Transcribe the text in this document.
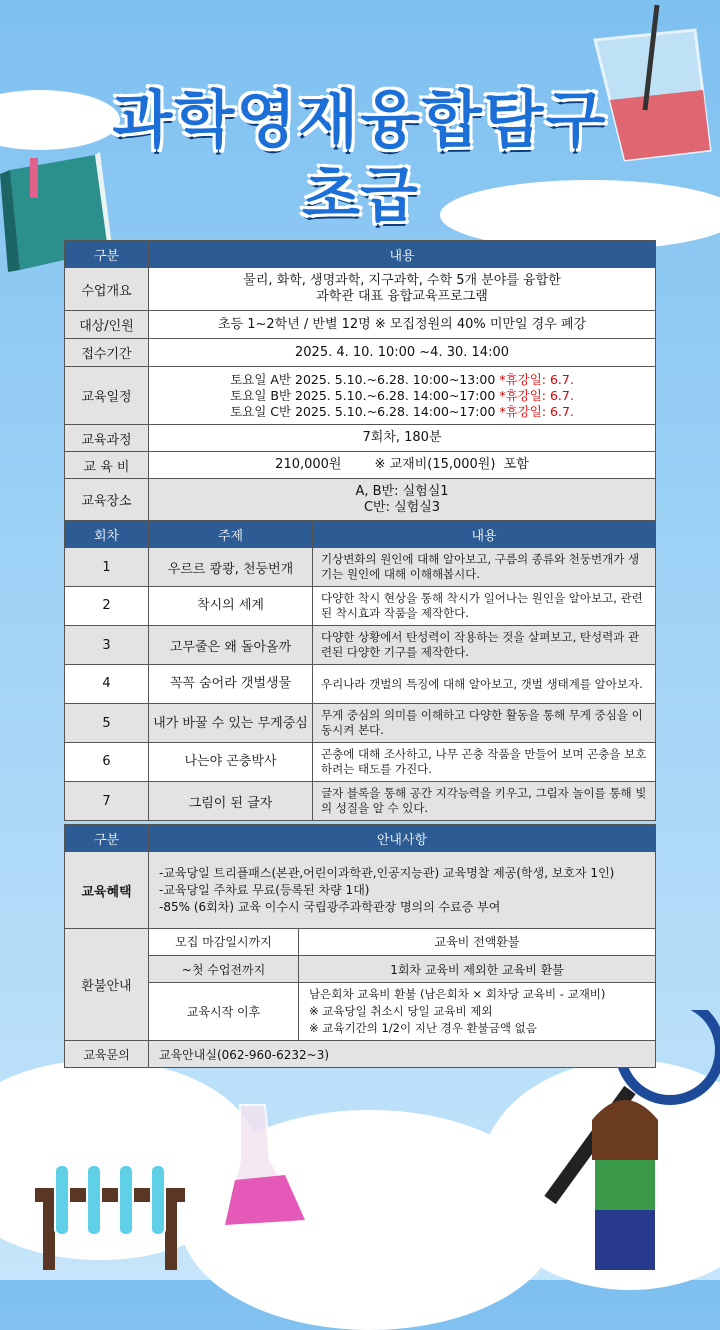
과학영재융합탐구
초급
구분	내용
수업개요	물리, 화학, 생명과학, 지구과학, 수학 5개 분야를 융합한
과학관 대표 융합교육프로그램

대상/인원	초등 1~2학년 / 반별 12명 ※ 모집정원의 40% 미만일 경우 폐강
접수기간	2025. 4. 10. 10:00 ~4. 30. 14:00
교육일정	토요일 A반 2025. 5.10.~6.28. 10:00~13:00 *휴강일: 6.7.
토요일 B반 2025. 5.10.~6.28. 14:00~17:00 *휴강일: 6.7.
토요일 C반 2025. 5.10.~6.28. 14:00~17:00 *휴강일: 6.7.

교육과정	7회차, 180분
교 육 비	210,000원        ※ 교재비(15,000원)  포함
교육장소	A, B반: 실험실1
C반: 실험실3
회차	주제	내용
1	우르르 쾅쾅, 천둥번개	기상변화의 원인에 대해 알아보고, 구름의 종류와 천둥번개가 생기는 원인에 대해 이해해봅시다.
2	착시의 세계	다양한 착시 현상을 통해 착시가 일어나는 원인을 알아보고, 관련된 착시효과 작품을 제작한다.
3	고무줄은 왜 돌아올까	다양한 상황에서 탄성력이 작용하는 것을 살펴보고, 탄성력과 관련된 다양한 기구를 제작한다.
4	꼭꼭 숨어라 갯벌생물	우리나라 갯벌의 특징에 대해 알아보고, 갯벌 생태계를 알아보자.
5	내가 바꿀 수 있는 무게중심	무게 중심의 의미를 이해하고 다양한 활동을 통해 무게 중심을 이동시켜 본다.
6	나는야 곤충박사	곤충에 대해 조사하고, 나무 곤충 작품을 만들어 보며 곤충을 보호하려는 태도를 가진다.
7	그림이 된 글자	글자 블록을 통해 공간 지각능력을 키우고, 그림자 놀이를 통해 빛의 성질을 알 수 있다.
구분	안내사항	
교육혜택	-교육당일 트리플패스(본관,어린이과학관,인공지능관) 교육명찰 제공(학생, 보호자 1인)
-교육당일 주차료 무료(등록된 차량 1대)
-85% (6회차) 교육 이수시 국립광주과학관장 명의의 수료증 부여	

환불안내	모집 마감일시까지	교육비 전액환불
	~첫 수업전까지	1회차 교육비 제외한 교육비 환불
	교육시작 이후	남은회차 교육비 환불 (남은회차 × 회차당 교육비 - 교재비)
※ 교육당일 취소시 당일 교육비 제외
※ 교육기간의 1/2이 지난 경우 환불금액 없음

교육문의	교육안내실(062-960-6232~3)	
